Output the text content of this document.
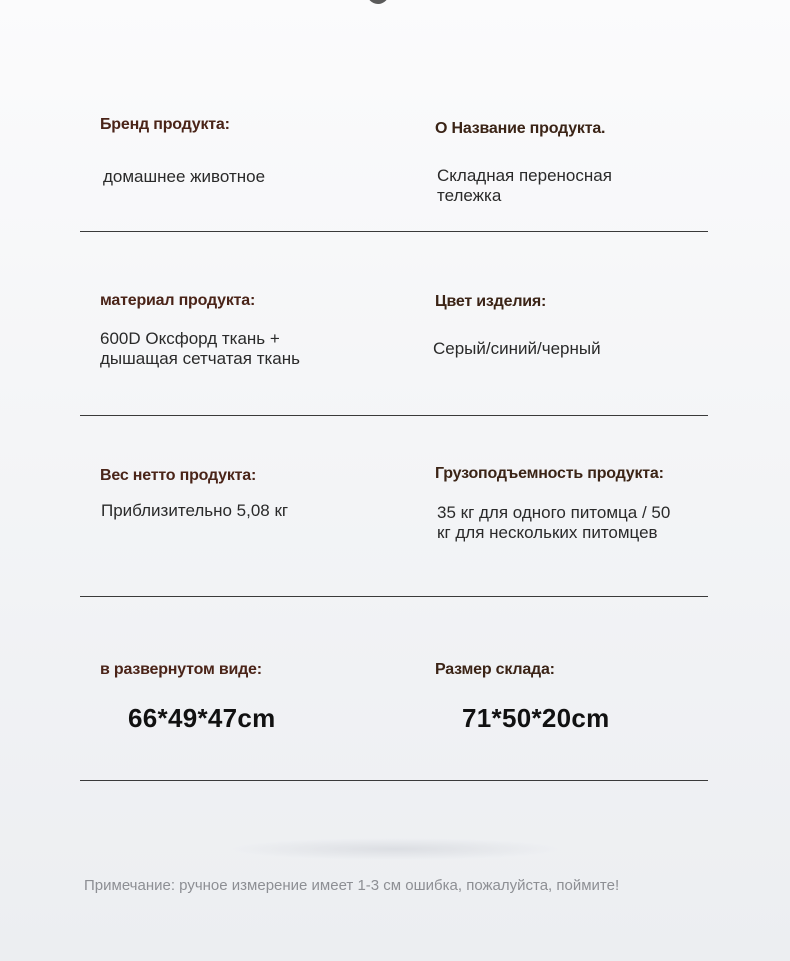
Бренд продукта:
домашнее животное
О Название продукта.
Складная переносная
тележка
материал продукта:
600D Оксфорд ткань +
дышащая сетчатая ткань
Цвет изделия:
Серый/синий/черный
Вес нетто продукта:
Приблизительно 5,08 кг
Грузоподъемность продукта:
35 кг для одного питомца / 50
кг для нескольких питомцев
в развернутом виде:
66*49*47cm
Размер склада:
71*50*20cm
Примечание: ручное измерение имеет 1-3 см ошибка, пожалуйста, поймите!
